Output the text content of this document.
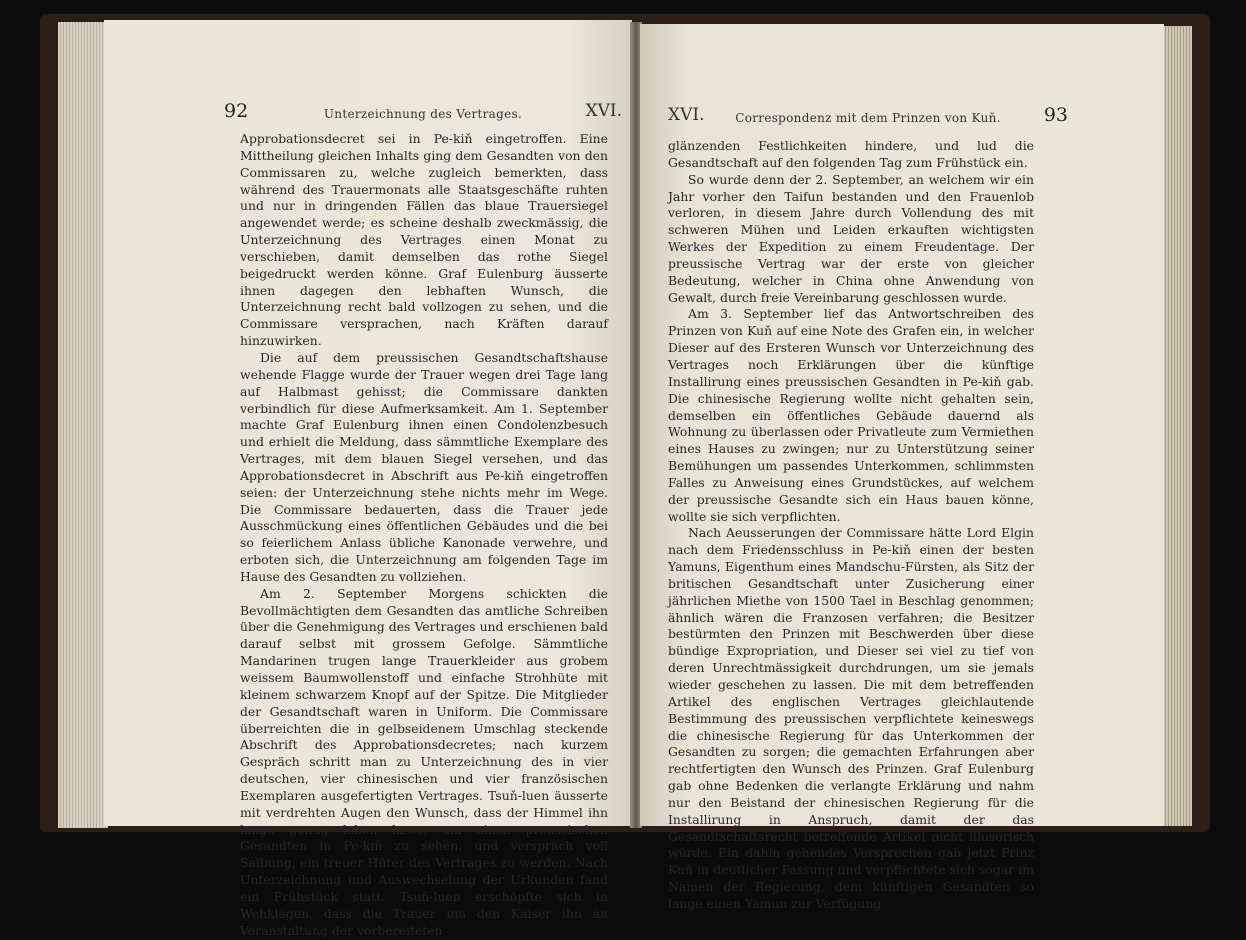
92	Unterzeichnung des Vertrages.	XVI.

Approbationsdecret sei in Pe-kiň eingetroffen. Eine Mittheilung gleichen Inhalts ging dem Gesandten von den Commissaren zu, welche zugleich bemerkten, dass während des Trauermonats alle Staatsgeschäfte ruhten und nur in dringenden Fällen das blaue Trauersiegel angewendet werde; es scheine deshalb zweckmässig, die Unterzeichnung des Vertrages einen Monat zu verschieben, damit demselben das rothe Siegel beigedruckt werden könne. Graf Eulenburg äusserte ihnen dagegen den lebhaften Wunsch, die Unterzeichnung recht bald vollzogen zu sehen, und die Commissare versprachen, nach Kräften darauf hinzuwirken.

Die auf dem preussischen Gesandtschaftshause wehende Flagge wurde der Trauer wegen drei Tage lang auf Halbmast gehisst; die Commissare dankten verbindlich für diese Aufmerksamkeit. Am 1. September machte Graf Eulenburg ihnen einen Condolenzbesuch und erhielt die Meldung, dass sämmtliche Exemplare des Vertrages, mit dem blauen Siegel versehen, und das Approbationsdecret in Abschrift aus Pe-kiň eingetroffen seien: der Unterzeichnung stehe nichts mehr im Wege. Die Commissare bedauerten, dass die Trauer jede Ausschmückung eines öffentlichen Gebäudes und die bei so feierlichem Anlass übliche Kanonade verwehre, und erboten sich, die Unterzeichnung am folgenden Tage im Hause des Gesandten zu vollziehen.

Am 2. September Morgens schickten die Bevollmächtigten dem Gesandten das amtliche Schreiben über die Genehmigung des Vertrages und erschienen bald darauf selbst mit grossem Gefolge. Sämmtliche Mandarinen trugen lange Trauerkleider aus grobem weissem Baumwollenstoff und einfache Strohhüte mit kleinem schwarzem Knopf auf der Spitze. Die Mitglieder der Gesandtschaft waren in Uniform. Die Commissare überreichten die in gelbseidenem Umschlag steckende Abschrift des Approbationsdecretes; nach kurzem Gespräch schritt man zu Unterzeichnung des in vier deutschen, vier chinesischen und vier französischen Exemplaren ausgefertigten Vertrages. Tsuň-luen äusserte mit verdrehten Augen den Wunsch, dass der Himmel ihn lange genug leben lasse, um einen preussischen Gesandten in Pe-kiň zu sehen, und versprach voll Salbung, ein treuer Hüter des Vertrages zu werden. Nach Unterzeichnung und Auswechselung der Urkunden fand ein Frühstück statt. Tsuň-luen erschöpfte sich in Wehklagen, dass die Trauer um den Kaiser ihn an Veranstaltung der vorbereiteten

XVI.	Correspondenz mit dem Prinzen von Kuň.	93

glänzenden Festlichkeiten hindere, und lud die Gesandtschaft auf den folgenden Tag zum Frühstück ein.

So wurde denn der 2. September, an welchem wir ein Jahr vorher den Taifun bestanden und den Frauenlob verloren, in diesem Jahre durch Vollendung des mit schweren Mühen und Leiden erkauften wichtigsten Werkes der Expedition zu einem Freudentage. Der preussische Vertrag war der erste von gleicher Bedeutung, welcher in China ohne Anwendung von Gewalt, durch freie Vereinbarung geschlossen wurde.

Am 3. September lief das Antwortschreiben des Prinzen von Kuň auf eine Note des Grafen ein, in welcher Dieser auf des Ersteren Wunsch vor Unterzeichnung des Vertrages noch Erklärungen über die künftige Installirung eines preussischen Gesandten in Pe-kiň gab. Die chinesische Regierung wollte nicht gehalten sein, demselben ein öffentliches Gebäude dauernd als Wohnung zu überlassen oder Privatleute zum Vermiethen eines Hauses zu zwingen; nur zu Unterstützung seiner Bemühungen um passendes Unterkommen, schlimmsten Falles zu Anweisung eines Grundstückes, auf welchem der preussische Gesandte sich ein Haus bauen könne, wollte sie sich verpflichten.

Nach Aeusserungen der Commissare hätte Lord Elgin nach dem Friedensschluss in Pe-kiň einen der besten Yamuns, Eigenthum eines Mandschu-Fürsten, als Sitz der britischen Gesandtschaft unter Zusicherung einer jährlichen Miethe von 1500 Tael in Beschlag genommen; ähnlich wären die Franzosen verfahren; die Besitzer bestürmten den Prinzen mit Beschwerden über diese bündige Expropriation, und Dieser sei viel zu tief von deren Unrechtmässigkeit durchdrungen, um sie jemals wieder geschehen zu lassen. Die mit dem betreffenden Artikel des englischen Vertrages gleichlautende Bestimmung des preussischen verpflichtete keineswegs die chinesische Regierung für das Unterkommen der Gesandten zu sorgen; die gemachten Erfahrungen aber rechtfertigten den Wunsch des Prinzen. Graf Eulenburg gab ohne Bedenken die verlangte Erklärung und nahm nur den Beistand der chinesischen Regierung für die Installirung in Anspruch, damit der das Gesandtschaftsrecht betreffende Artikel nicht illusorisch würde. Ein dahin gehendes Versprechen gab jetzt Prinz Kuň in deutlicher Fassung und verpflichtete sich sogar im Namen der Regierung, dem künftigen Gesandten so lange einen Yamun zur Verfügung
